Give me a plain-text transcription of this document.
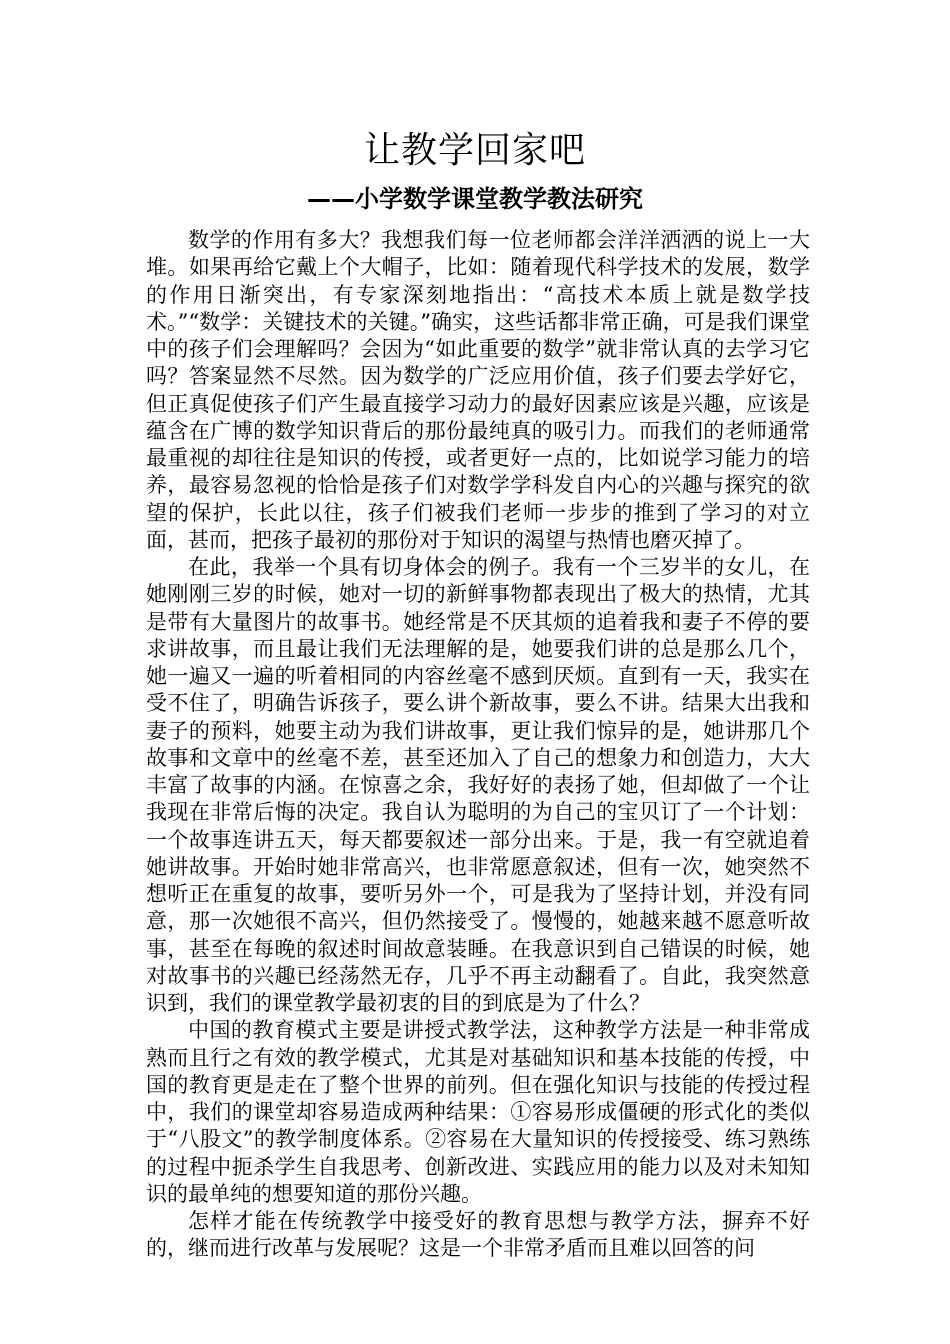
让教学回家吧
——小学数学课堂教学教法研究

数学的作用有多大？我想我们每一位老师都会洋洋洒洒的说上一大堆。如果再给它戴上个大帽子，比如：随着现代科学技术的发展，数学的作用日渐突出，有专家深刻地指出：“高技术本质上就是数学技术。”“数学：关键技术的关键。”确实，这些话都非常正确，可是我们课堂中的孩子们会理解吗？会因为“如此重要的数学”就非常认真的去学习它吗？答案显然不尽然。因为数学的广泛应用价值，孩子们要去学好它，但正真促使孩子们产生最直接学习动力的最好因素应该是兴趣，应该是蕴含在广博的数学知识背后的那份最纯真的吸引力。而我们的老师通常最重视的却往往是知识的传授，或者更好一点的，比如说学习能力的培养，最容易忽视的恰恰是孩子们对数学学科发自内心的兴趣与探究的欲望的保护，长此以往，孩子们被我们老师一步步的推到了学习的对立面，甚而，把孩子最初的那份对于知识的渴望与热情也磨灭掉了。

在此，我举一个具有切身体会的例子。我有一个三岁半的女儿，在她刚刚三岁的时候，她对一切的新鲜事物都表现出了极大的热情，尤其是带有大量图片的故事书。她经常是不厌其烦的追着我和妻子不停的要求讲故事，而且最让我们无法理解的是，她要我们讲的总是那么几个，她一遍又一遍的听着相同的内容丝毫不感到厌烦。直到有一天，我实在受不住了，明确告诉孩子，要么讲个新故事，要么不讲。结果大出我和妻子的预料，她要主动为我们讲故事，更让我们惊异的是，她讲那几个故事和文章中的丝毫不差，甚至还加入了自己的想象力和创造力，大大丰富了故事的内涵。在惊喜之余，我好好的表扬了她，但却做了一个让我现在非常后悔的决定。我自认为聪明的为自己的宝贝订了一个计划：一个故事连讲五天，每天都要叙述一部分出来。于是，我一有空就追着她讲故事。开始时她非常高兴，也非常愿意叙述，但有一次，她突然不想听正在重复的故事，要听另外一个，可是我为了坚持计划，并没有同意，那一次她很不高兴，但仍然接受了。慢慢的，她越来越不愿意听故事，甚至在每晚的叙述时间故意装睡。在我意识到自己错误的时候，她对故事书的兴趣已经荡然无存，几乎不再主动翻看了。自此，我突然意识到，我们的课堂教学最初衷的目的到底是为了什么？

中国的教育模式主要是讲授式教学法，这种教学方法是一种非常成熟而且行之有效的教学模式，尤其是对基础知识和基本技能的传授，中国的教育更是走在了整个世界的前列。但在强化知识与技能的传授过程中，我们的课堂却容易造成两种结果：①容易形成僵硬的形式化的类似于“八股文”的教学制度体系。②容易在大量知识的传授接受、练习熟练的过程中扼杀学生自我思考、创新改进、实践应用的能力以及对未知知识的最单纯的想要知道的那份兴趣。

怎样才能在传统教学中接受好的教育思想与教学方法，摒弃不好的，继而进行改革与发展呢？这是一个非常矛盾而且难以回答的问
